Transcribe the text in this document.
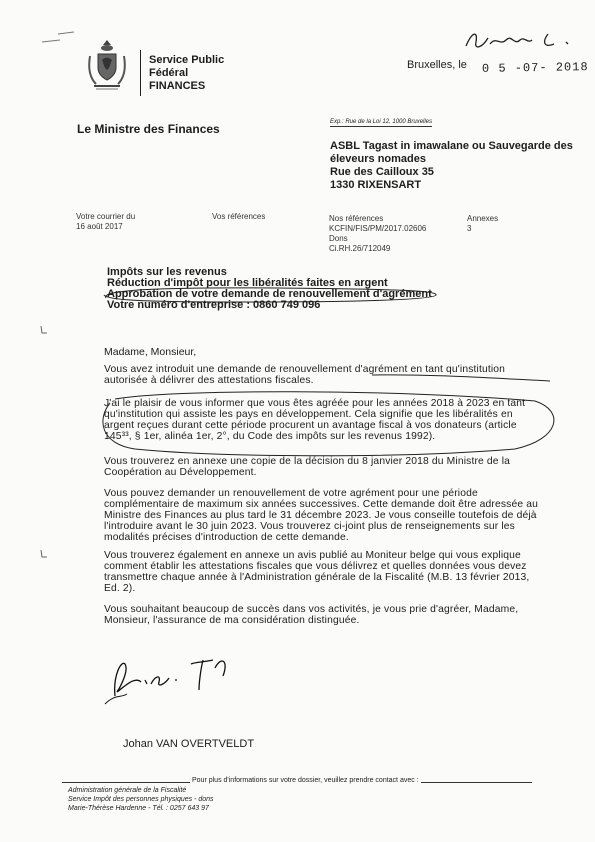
Service Public
Fédéral
FINANCES
Bruxelles, le 0 5 -07- 2018
Le Ministre des Finances	Exp.: Rue de la Loi 12, 1000 Bruxelles
ASBL Tagast in imawalane ou Sauvegarde des
éleveurs nomades
Rue des Cailloux 35
1330 RIXENSART
Votre courrier du
16 août 2017
Vos références	Nos références
KCFIN/FIS/PM/2017.02606
Dons
Ci.RH.26/712049
Annexes
3
Impôts sur les revenus
Réduction d'impôt pour les libéralités faites en argent
Approbation de votre demande de renouvellement d'agrément
Votre numéro d'entreprise : 0860 749 096
Madame, Monsieur,
Vous avez introduit une demande de renouvellement d'agrément en tant qu'institution
autorisée à délivrer des attestations fiscales.
J'ai le plaisir de vous informer que vous êtes agréée pour les années 2018 à 2023 en tant
qu'institution qui assiste les pays en développement. Cela signifie que les libéralités en
argent reçues durant cette période procurent un avantage fiscal à vos donateurs (article
145³³, § 1er, alinéa 1er, 2°, du Code des impôts sur les revenus 1992).
Vous trouverez en annexe une copie de la décision du 8 janvier 2018 du Ministre de la
Coopération au Développement.
Vous pouvez demander un renouvellement de votre agrément pour une période
complémentaire de maximum six années successives. Cette demande doit être adressée au
Ministre des Finances au plus tard le 31 décembre 2023. Je vous conseille toutefois de déjà
l'introduire avant le 30 juin 2023. Vous trouverez ci-joint plus de renseignements sur les
modalités précises d'introduction de cette demande.
Vous trouverez également en annexe un avis publié au Moniteur belge qui vous explique
comment établir les attestations fiscales que vous délivrez et quelles données vous devez
transmettre chaque année à l'Administration générale de la Fiscalité (M.B. 13 février 2013,
Ed. 2).
Vous souhaitant beaucoup de succès dans vos activités, je vous prie d'agréer, Madame,
Monsieur, l'assurance de ma considération distinguée.
Johan VAN OVERTVELDT
Pour plus d'informations sur votre dossier, veuillez prendre contact avec :
Administration générale de la Fiscalité
Service Impôt des personnes physiques - dons
Marie-Thérèse Hardenne - Tél. : 0257 643 97
